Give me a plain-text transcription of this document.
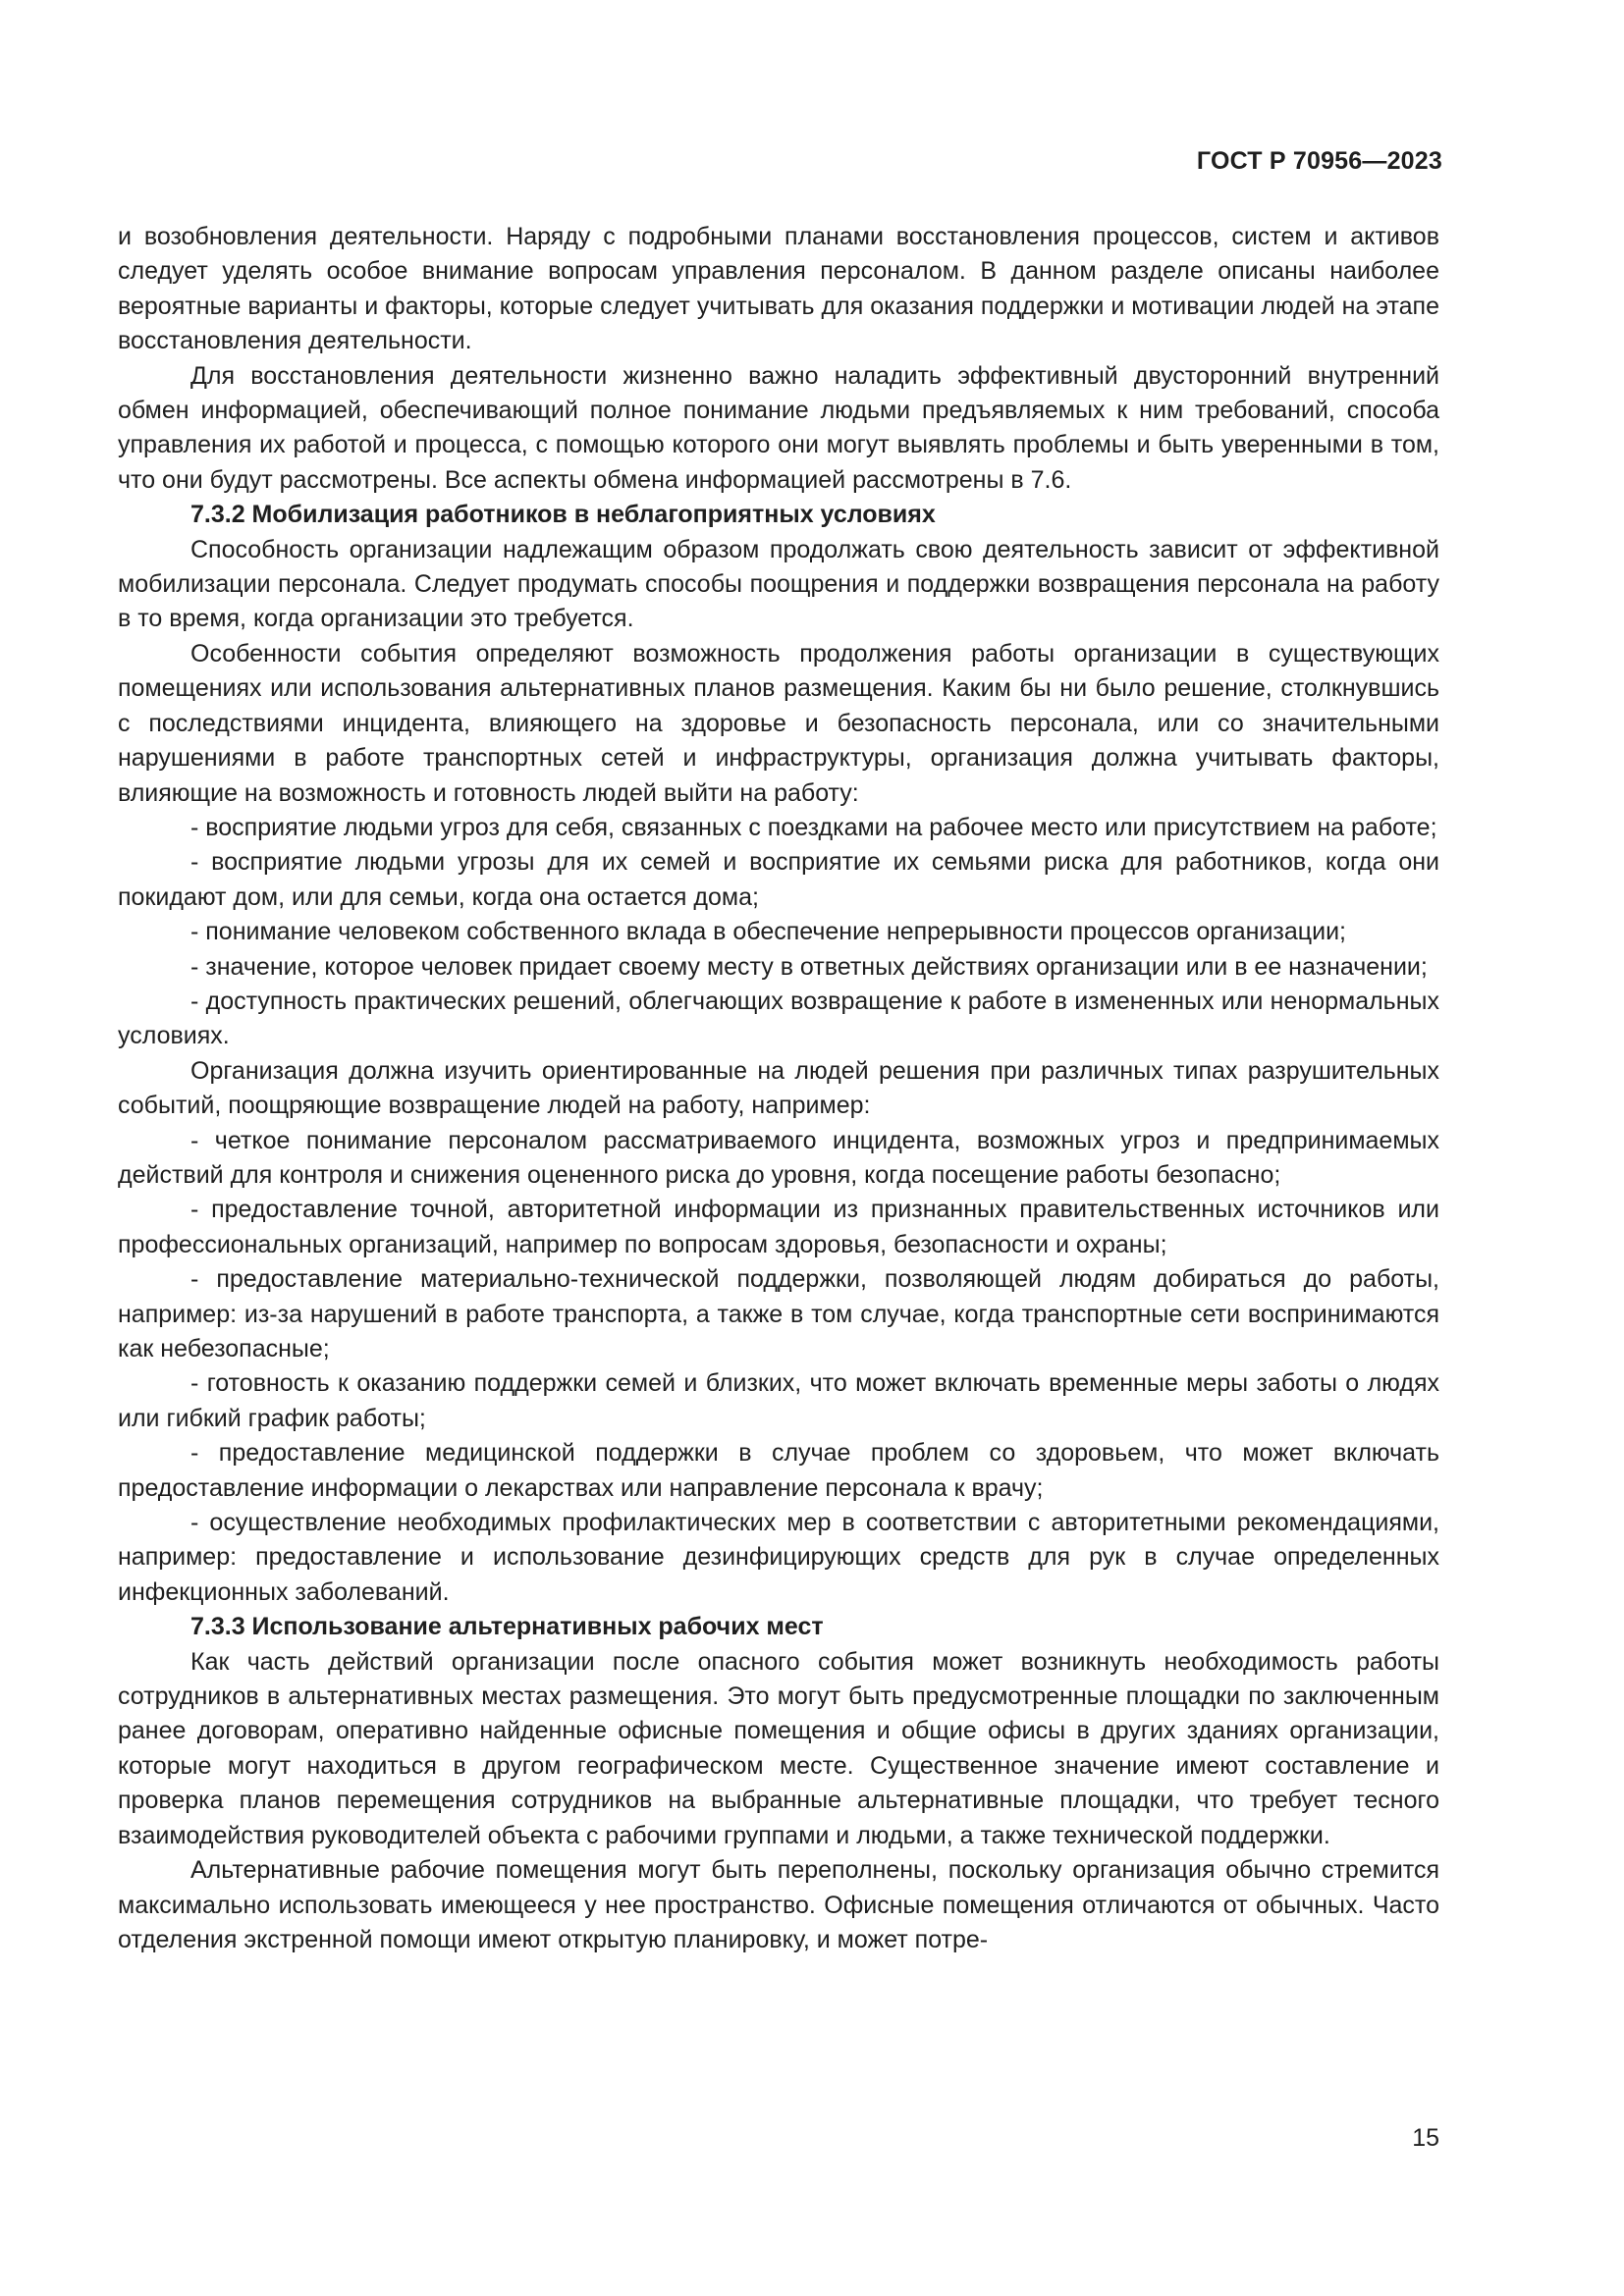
ГОСТ Р 70956—2023

и возобновления деятельности. Наряду с подробными планами восстановления процессов, систем и активов следует уделять особое внимание вопросам управления персоналом. В данном разделе описаны наиболее вероятные варианты и факторы, которые следует учитывать для оказания поддержки и мотивации людей на этапе восстановления деятельности.

Для восстановления деятельности жизненно важно наладить эффективный двусторонний внутренний обмен информацией, обеспечивающий полное понимание людьми предъявляемых к ним требований, способа управления их работой и процесса, с помощью которого они могут выявлять проблемы и быть уверенными в том, что они будут рассмотрены. Все аспекты обмена информацией рассмотрены в 7.6.

7.3.2 Мобилизация работников в неблагоприятных условиях

Способность организации надлежащим образом продолжать свою деятельность зависит от эффективной мобилизации персонала. Следует продумать способы поощрения и поддержки возвращения персонала на работу в то время, когда организации это требуется.

Особенности события определяют возможность продолжения работы организации в существующих помещениях или использования альтернативных планов размещения. Каким бы ни было решение, столкнувшись с последствиями инцидента, влияющего на здоровье и безопасность персонала, или со значительными нарушениями в работе транспортных сетей и инфраструктуры, организация должна учитывать факторы, влияющие на возможность и готовность людей выйти на работу:

- восприятие людьми угроз для себя, связанных с поездками на рабочее место или присутствием на работе;

- восприятие людьми угрозы для их семей и восприятие их семьями риска для работников, когда они покидают дом, или для семьи, когда она остается дома;

- понимание человеком собственного вклада в обеспечение непрерывности процессов организации;

- значение, которое человек придает своему месту в ответных действиях организации или в ее назначении;

- доступность практических решений, облегчающих возвращение к работе в измененных или ненормальных условиях.

Организация должна изучить ориентированные на людей решения при различных типах разрушительных событий, поощряющие возвращение людей на работу, например:

- четкое понимание персоналом рассматриваемого инцидента, возможных угроз и предпринимаемых действий для контроля и снижения оцененного риска до уровня, когда посещение работы безопасно;

- предоставление точной, авторитетной информации из признанных правительственных источников или профессиональных организаций, например по вопросам здоровья, безопасности и охраны;

- предоставление материально-технической поддержки, позволяющей людям добираться до работы, например: из-за нарушений в работе транспорта, а также в том случае, когда транспортные сети воспринимаются как небезопасные;

- готовность к оказанию поддержки семей и близких, что может включать временные меры заботы о людях или гибкий график работы;

- предоставление медицинской поддержки в случае проблем со здоровьем, что может включать предоставление информации о лекарствах или направление персонала к врачу;

- осуществление необходимых профилактических мер в соответствии с авторитетными рекомендациями, например: предоставление и использование дезинфицирующих средств для рук в случае определенных инфекционных заболеваний.

7.3.3 Использование альтернативных рабочих мест

Как часть действий организации после опасного события может возникнуть необходимость работы сотрудников в альтернативных местах размещения. Это могут быть предусмотренные площадки по заключенным ранее договорам, оперативно найденные офисные помещения и общие офисы в других зданиях организации, которые могут находиться в другом географическом месте. Существенное значение имеют составление и проверка планов перемещения сотрудников на выбранные альтернативные площадки, что требует тесного взаимодействия руководителей объекта с рабочими группами и людьми, а также технической поддержки.

Альтернативные рабочие помещения могут быть переполнены, поскольку организация обычно стремится максимально использовать имеющееся у нее пространство. Офисные помещения отличаются от обычных. Часто отделения экстренной помощи имеют открытую планировку, и может потре-

15
